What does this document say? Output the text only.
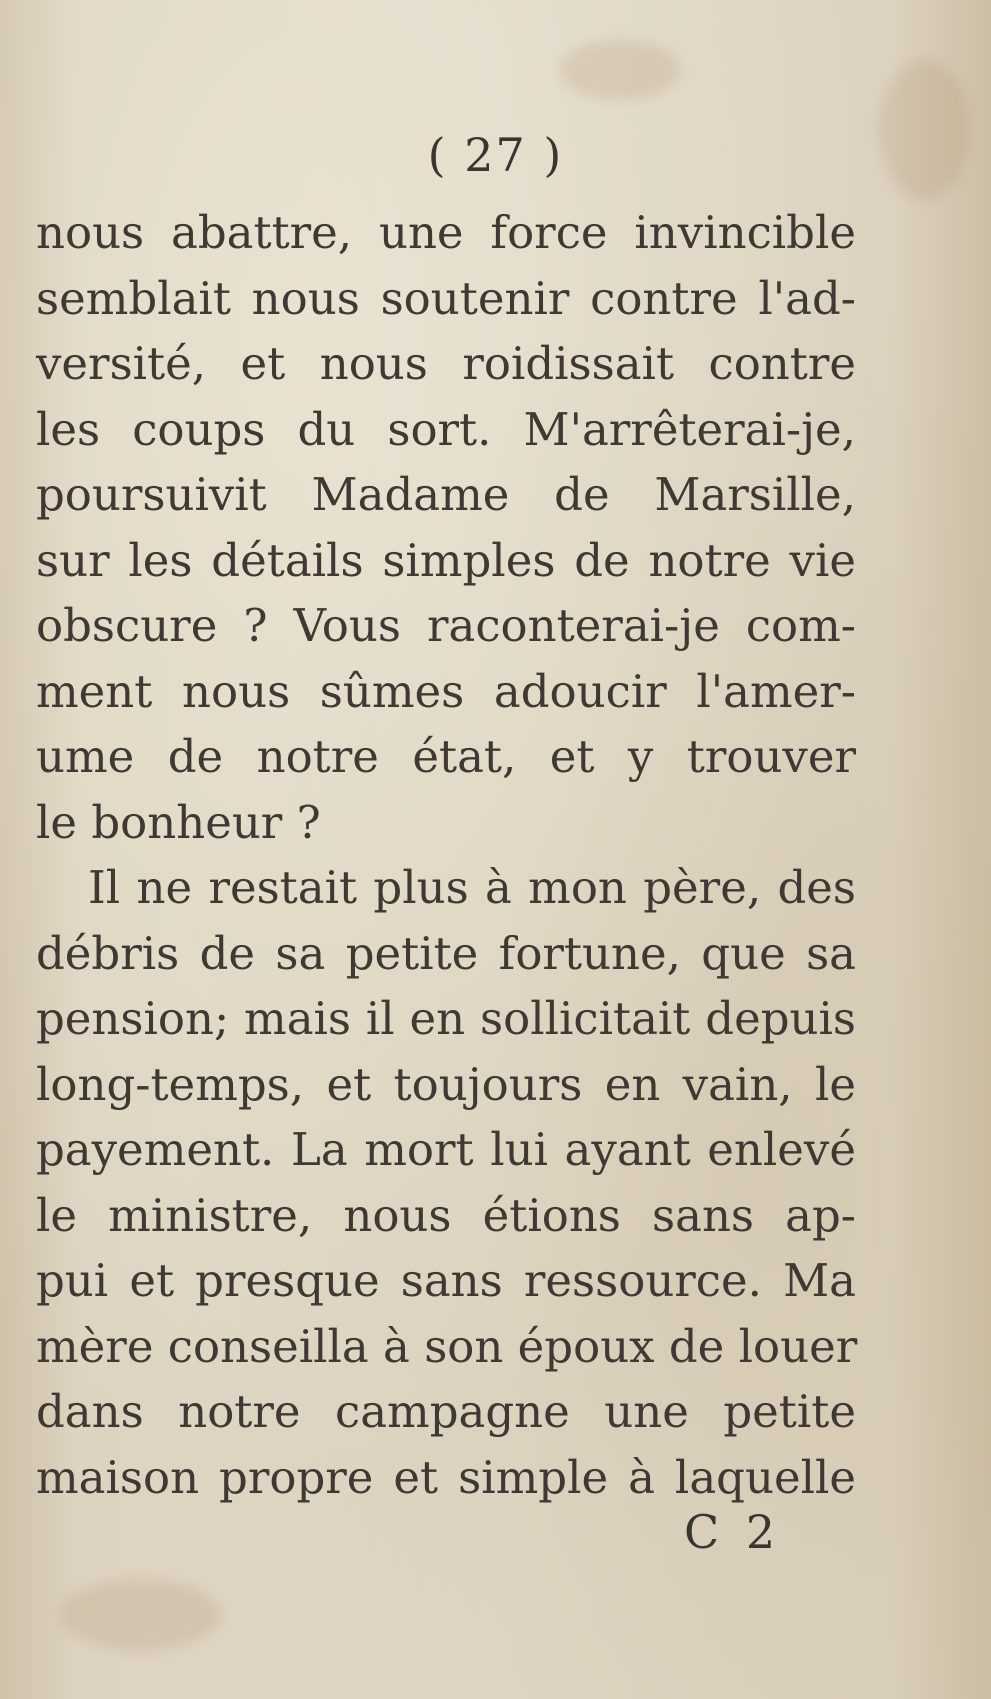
( 27 )
nous abattre, une force invincible
semblait nous soutenir contre l'ad-
versité, et nous roidissait contre
les coups du sort. M'arrêterai-je,
poursuivit Madame de Marsille,
sur les détails simples de notre vie
obscure ? Vous raconterai-je com-
ment nous sûmes adoucir l'amer-
ume de notre état, et y trouver
le bonheur ?
Il ne restait plus à mon père, des
débris de sa petite fortune, que sa
pension; mais il en sollicitait depuis
long-temps, et toujours en vain, le
payement. La mort lui ayant enlevé
le ministre, nous étions sans ap-
pui et presque sans ressource. Ma
mère conseilla à son époux de louer
dans notre campagne une petite
maison propre et simple à laquelle
C 2
